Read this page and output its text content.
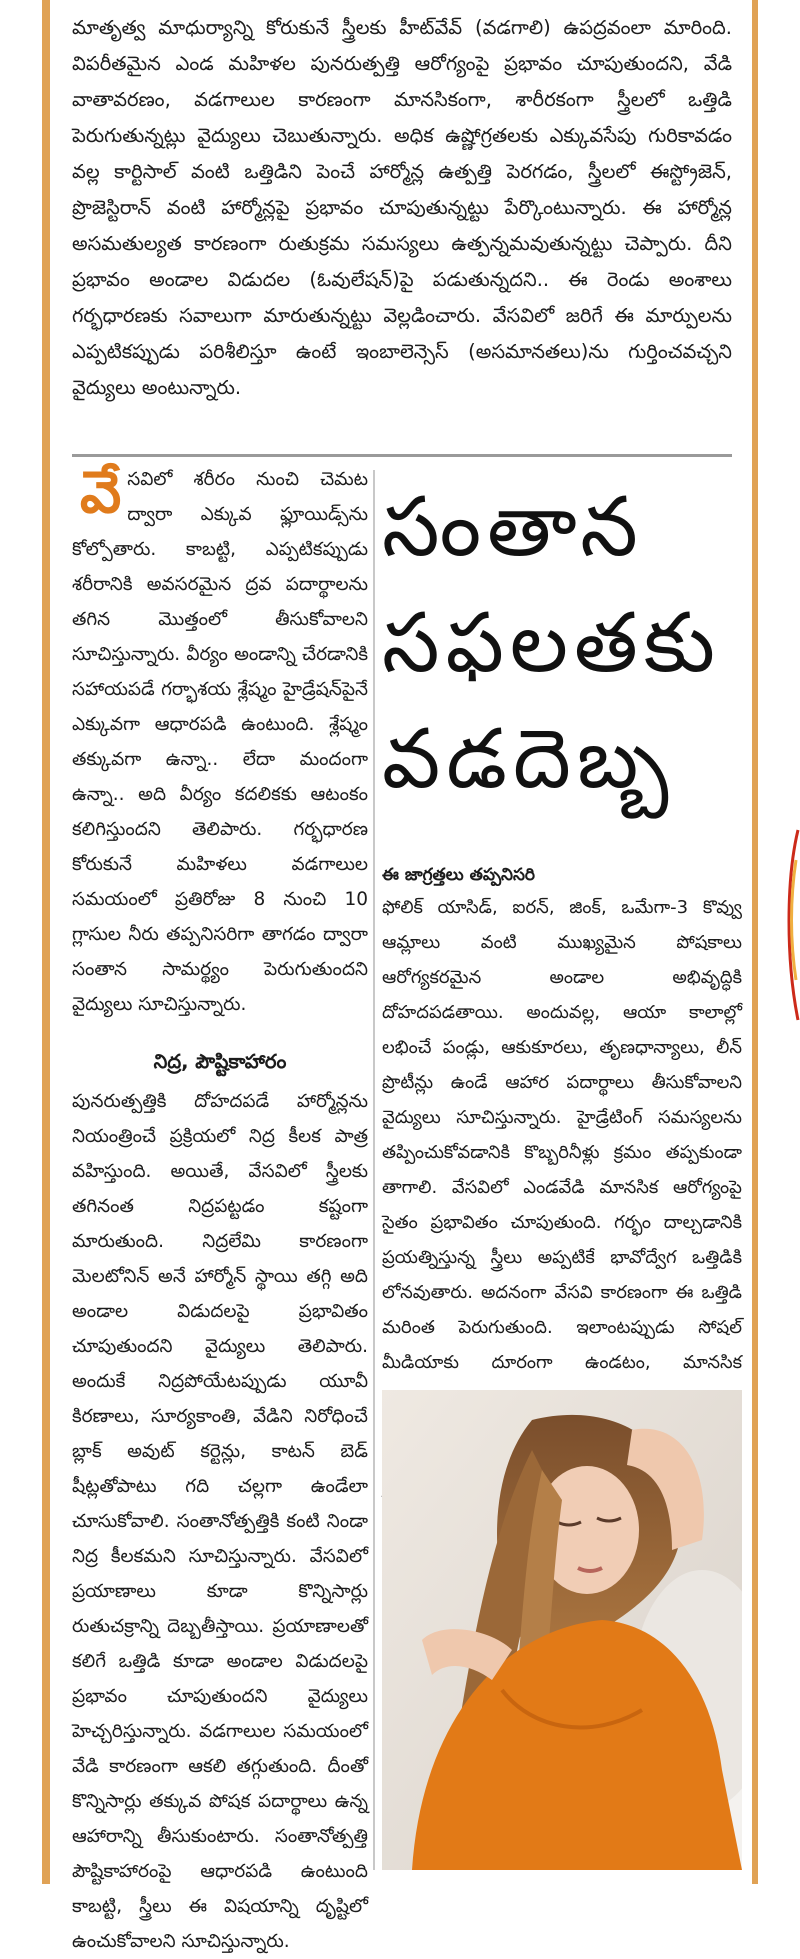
మాతృత్వ మాధుర్యాన్ని కోరుకునే స్త్రీలకు హీట్‌వేవ్ (వడగాలి) ఉపద్రవంలా మారింది. విపరీతమైన ఎండ మహిళల పునరుత్పత్తి ఆరోగ్యంపై ప్రభావం చూపుతుందని, వేడి వాతావరణం, వడగాలుల కారణంగా మానసికంగా, శారీరకంగా స్త్రీలలో ఒత్తిడి పెరుగుతున్నట్లు వైద్యులు చెబుతున్నారు. అధిక ఉష్ణోగ్రతలకు ఎక్కువసేపు గురికావడం వల్ల కార్టిసాల్ వంటి ఒత్తిడిని పెంచే హార్మోన్ల ఉత్పత్తి పెరగడం, స్త్రీలలో ఈస్ట్రోజెన్, ప్రొజెస్టిరాన్ వంటి హార్మోన్లపై ప్రభావం చూపుతున్నట్టు పేర్కొంటున్నారు. ఈ హార్మోన్ల అసమతుల్యత కారణంగా రుతుక్రమ సమస్యలు ఉత్పన్నమవుతున్నట్టు చెప్పారు. దీని ప్రభావం అండాల విడుదల (ఓవులేషన్)పై పడుతున్నదని.. ఈ రెండు అంశాలు గర్భధారణకు సవాలుగా మారుతున్నట్టు వెల్లడించారు. వేసవిలో జరిగే ఈ మార్పులను ఎప్పటికప్పుడు పరిశీలిస్తూ ఉంటే ఇంబాలెన్సెస్ (అసమానతలు)ను గుర్తించవచ్చని వైద్యులు అంటున్నారు.
వే సవిలో శరీరం నుంచి చెమట ద్వారా ఎక్కువ ఫ్లూయిడ్స్‌ను కోల్పోతారు. కాబట్టి, ఎప్పటికప్పుడు శరీరానికి అవసరమైన ద్రవ పదార్థాలను తగిన మొత్తంలో తీసుకోవాలని సూచిస్తున్నారు. వీర్యం అండాన్ని చేరడానికి సహాయపడే గర్భాశయ శ్లేష్మం హైడ్రేషన్‌పైనే ఎక్కువగా ఆధారపడి ఉంటుంది. శ్లేష్మం తక్కువగా ఉన్నా.. లేదా మందంగా ఉన్నా.. అది వీర్యం కదలికకు ఆటంకం కలిగిస్తుందని తెలిపారు. గర్భధారణ కోరుకునే మహిళలు వడగాలుల సమయంలో ప్రతిరోజు 8 నుంచి 10 గ్లాసుల నీరు తప్పనిసరిగా తాగడం ద్వారా సంతాన సామర్థ్యం పెరుగుతుందని వైద్యులు సూచిస్తున్నారు.
నిద్ర, పౌష్టికాహారం
పునరుత్పత్తికి దోహదపడే హార్మోన్లను నియంత్రించే ప్రక్రియలో నిద్ర కీలక పాత్ర వహిస్తుంది. అయితే, వేసవిలో స్త్రీలకు తగినంత నిద్రపట్టడం కష్టంగా మారుతుంది. నిద్రలేమి కారణంగా మెలటోనిన్ అనే హార్మోన్ స్థాయి తగ్గి అది అండాల విడుదలపై ప్రభావితం చూపుతుందని వైద్యులు తెలిపారు. అందుకే నిద్రపోయేటప్పుడు యూవీ కిరణాలు, సూర్యకాంతి, వేడిని నిరోధించే బ్లాక్ అవుట్ కర్టెన్లు, కాటన్ బెడ్ షీట్లతోపాటు గది చల్లగా ఉండేలా చూసుకోవాలి. సంతానోత్పత్తికి కంటి నిండా నిద్ర కీలకమని సూచిస్తున్నారు. వేసవిలో ప్రయాణాలు కూడా కొన్నిసార్లు రుతుచక్రాన్ని దెబ్బతీస్తాయి. ప్రయాణాలతో కలిగే ఒత్తిడి కూడా అండాల విడుదలపై ప్రభావం చూపుతుందని వైద్యులు హెచ్చరిస్తున్నారు. వడగాలుల సమయంలో వేడి కారణంగా ఆకలి తగ్గుతుంది. దీంతో కొన్నిసార్లు తక్కువ పోషక పదార్థాలు ఉన్న ఆహారాన్ని తీసుకుంటారు. సంతానోత్పత్తి పౌష్టికాహారంపై ఆధారపడి ఉంటుంది కాబట్టి, స్త్రీలు ఈ విషయాన్ని దృష్టిలో ఉంచుకోవాలని సూచిస్తున్నారు.
సంతాన
సఫలతకు
వడదెబ్బ
ఈ జాగ్రత్తలు తప్పనిసరి
ఫోలిక్ యాసిడ్, ఐరన్, జింక్, ఒమేగా-3 కొవ్వు ఆమ్లాలు వంటి ముఖ్యమైన పోషకాలు ఆరోగ్యకరమైన అండాల అభివృద్ధికి దోహదపడతాయి. అందువల్ల, ఆయా కాలాల్లో లభించే పండ్లు, ఆకుకూరలు, తృణధాన్యాలు, లీన్ ప్రొటీన్లు ఉండే ఆహార పదార్థాలు తీసుకోవాలని వైద్యులు సూచిస్తున్నారు. హైడ్రేటింగ్ సమస్యలను తప్పించుకోవడానికి కొబ్బరినీళ్లు క్రమం తప్పకుండా తాగాలి. వేసవిలో ఎండవేడి మానసిక ఆరోగ్యంపై సైతం ప్రభావితం చూపుతుంది. గర్భం దాల్చడానికి ప్రయత్నిస్తున్న స్త్రీలు అప్పటికే భావోద్వేగ ఒత్తిడికి లోనవుతారు. అదనంగా వేసవి కారణంగా ఈ ఒత్తిడి మరింత పెరుగుతుంది. ఇలాంటప్పుడు సోషల్ మీడియాకు దూరంగా ఉండటం, మానసిక
